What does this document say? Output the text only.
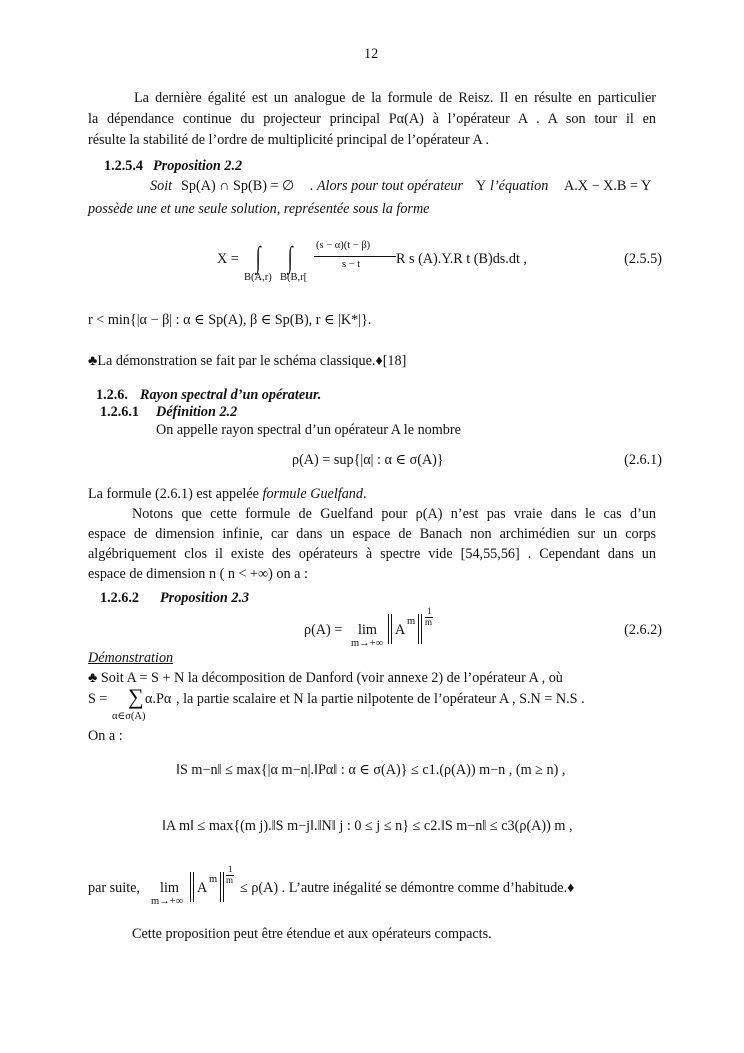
12
La dernière égalité est un analogue de la formule de Reisz. Il en résulte en particulier
la dépendance continue du projecteur principal Pα(A) à l’opérateur A . A son tour il en
résulte la stabilité de l’ordre de multiplicité principal de l’opérateur A .
1.2.5.4 Proposition 2.2
Soit Sp(A) ∩ Sp(B) = ∅ . Alors pour tout opérateur Y l’équation A.X − X.B = Y
possède une et une seule solution, représentée sous la forme
X = ∫ ∫
B(A,r) B(B,r[
(s − α)(t − β)
s − t	R s (A).Y.R t (B)ds.dt ,	(2.5.5)
r < min{|α − β| : α ∈ Sp(A), β ∈ Sp(B), r ∈ |K*|}.
♣La démonstration se fait par le schéma classique.♦[18]
1.2.6. Rayon spectral d’un opérateur.
1.2.6.1 Définition 2.2
On appelle rayon spectral d’un opérateur A le nombre
ρ(A) = sup{|α| : α ∈ σ(A)}	(2.6.1)
La formule (2.6.1) est appelée formule Guelfand.
Notons que cette formule de Guelfand pour ρ(A) n’est pas vraie dans le cas d’un
espace de dimension infinie, car dans un espace de Banach non archimédien sur un corps
algébriquement clos il existe des opérateurs à spectre vide [54,55,56] . Cependant dans un
espace de dimension n ( n < +∞) on a :
1.2.6.2 Proposition 2.3
ρ(A) = lim
m→+∞
A
m
1
m	(2.6.2)
Démonstration
♣ Soit A = S + N la décomposition de Danford (voir annexe 2) de l’opérateur A , où
S = ∑ α.Pα , la partie scalaire et N la partie nilpotente de l’opérateur A , S.N = N.S .
α∈σ(A)
On a :
‖S m−n‖ ≤ max{|α m−n|.‖Pα‖ : α ∈ σ(A)} ≤ c1.(ρ(A)) m−n , (m ≥ n) ,
‖A m‖ ≤ max{(m j).‖S m−j‖.‖N‖ j : 0 ≤ j ≤ n} ≤ c2.‖S m−n‖ ≤ c3(ρ(A)) m ,
par suite, lim
m→+∞
A
m
1
m ≤ ρ(A) . L’autre inégalité se démontre comme d’habitude.♦
Cette proposition peut être étendue et aux opérateurs compacts.
